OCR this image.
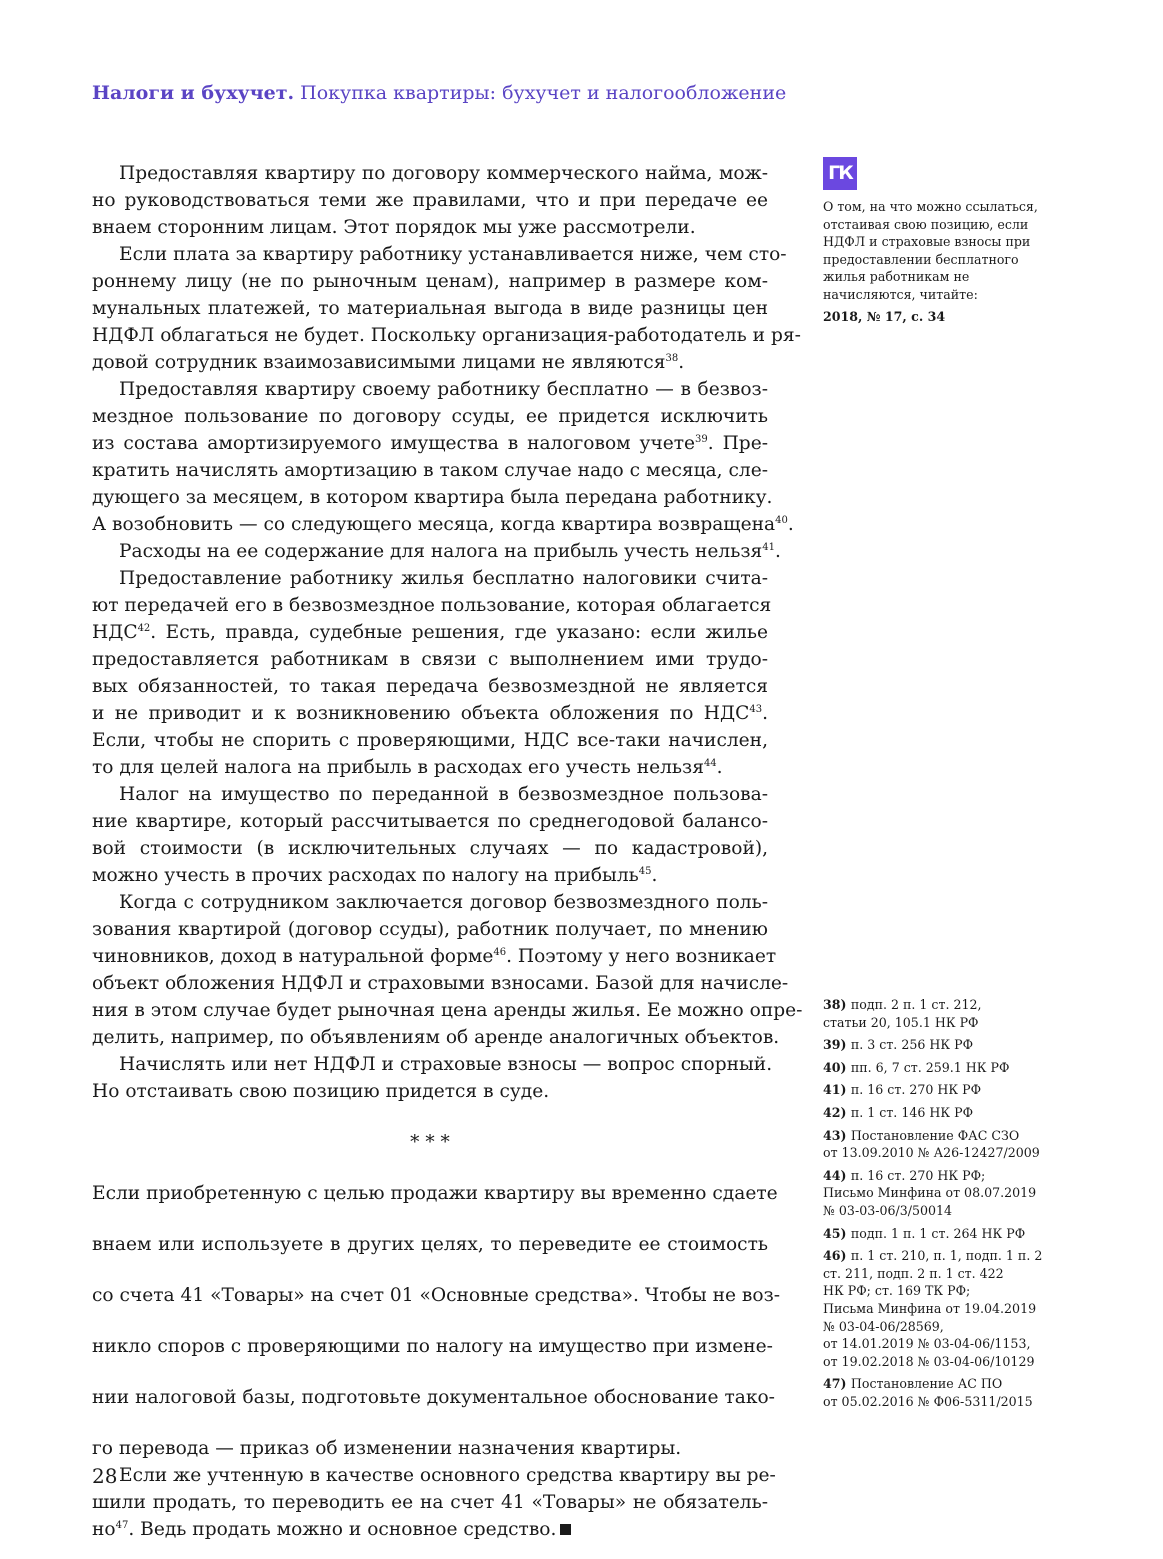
Налоги и бухучет. Покупка квартиры: бухучет и налогообложение
Предоставляя квартиру по договору коммерческого найма, мож-
но руководствоваться теми же правилами, что и при передаче ее
внаем сторонним лицам. Этот порядок мы уже рассмотрели.
Если плата за квартиру работнику устанавливается ниже, чем сто-
роннему лицу (не по рыночным ценам), например в размере ком-
мунальных платежей, то материальная выгода в виде разницы цен
НДФЛ облагаться не будет. Поскольку организация-работодатель и ря-
довой сотрудник взаимозависимыми лицами не являются$^{38}$.
Предоставляя квартиру своему работнику бесплатно — в безвоз-
мездное пользование по договору ссуды, ее придется исключить
из состава амортизируемого имущества в налоговом учете$^{39}$. Пре-
кратить начислять амортизацию в таком случае надо с месяца, сле-
дующего за месяцем, в котором квартира была передана работнику.
А возобновить — со следующего месяца, когда квартира возвращена$^{40}$.
Расходы на ее содержание для налога на прибыль учесть нельзя$^{41}$.
Предоставление работнику жилья бесплатно налоговики счита-
ют передачей его в безвозмездное пользование, которая облагается
НДС$^{42}$. Есть, правда, судебные решения, где указано: если жилье
предоставляется работникам в связи с выполнением ими трудо-
вых обязанностей, то такая передача безвозмездной не является
и не приводит и к возникновению объекта обложения по НДС$^{43}$.
Если, чтобы не спорить с проверяющими, НДС все-таки начислен,
то для целей налога на прибыль в расходах его учесть нельзя$^{44}$.
Налог на имущество по переданной в безвозмездное пользова-
ние квартире, который рассчитывается по среднегодовой балансо-
вой стоимости (в исключительных случаях — по кадастровой),
можно учесть в прочих расходах по налогу на прибыль$^{45}$.
Когда с сотрудником заключается договор безвозмездного поль-
зования квартирой (договор ссуды), работник получает, по мнению
чиновников, доход в натуральной форме$^{46}$. Поэтому у него возникает
объект обложения НДФЛ и страховыми взносами. Базой для начисле-
ния в этом случае будет рыночная цена аренды жилья. Ее можно опре-
делить, например, по объявлениям об аренде аналогичных объектов.
Начислять или нет НДФЛ и страховые взносы — вопрос спорный.
Но отстаивать свою позицию придется в суде.
* * *
Если приобретенную с целью продажи квартиру вы временно сдаете
внаем или используете в других целях, то переведите ее стоимость
со счета 41 «Товары» на счет 01 «Основные средства». Чтобы не воз-
никло споров с проверяющими по налогу на имущество при измене-
нии налоговой базы, подготовьте документальное обоснование тако-
го перевода — приказ об изменении назначения квартиры.
Если же учтенную в качестве основного средства квартиру вы ре-
шили продать, то переводить ее на счет 41 «Товары» не обязатель-
$но^{47}$. Ведь продать можно и основное средство.
ГК
О том, на что можно ссылаться, отстаивая свою позицию, если НДФЛ и страховые взносы при предоставлении бесплатного жилья работникам не начисляются, читайте:
2018, № 17, с. 34
38) подп. 2 п. 1 ст. 212,
статьи 20, 105.1 НК РФ
39) п. 3 ст. 256 НК РФ
40) пп. 6, 7 ст. 259.1 НК РФ
41) п. 16 ст. 270 НК РФ
42) п. 1 ст. 146 НК РФ
43) Постановление ФАС СЗО
от 13.09.2010 № А26-12427/2009
44) п. 16 ст. 270 НК РФ;
Письмо Минфина от 08.07.2019
№ 03-03-06/3/50014
45) подп. 1 п. 1 ст. 264 НК РФ
46) п. 1 ст. 210, п. 1, подп. 1 п. 2
ст. 211, подп. 2 п. 1 ст. 422
НК РФ; ст. 169 ТК РФ;
Письма Минфина от 19.04.2019
№ 03-04-06/28569,
от 14.01.2019 № 03-04-06/1153,
от 19.02.2018 № 03-04-06/10129
47) Постановление АС ПО
от 05.02.2016 № Ф06-5311/2015
28
